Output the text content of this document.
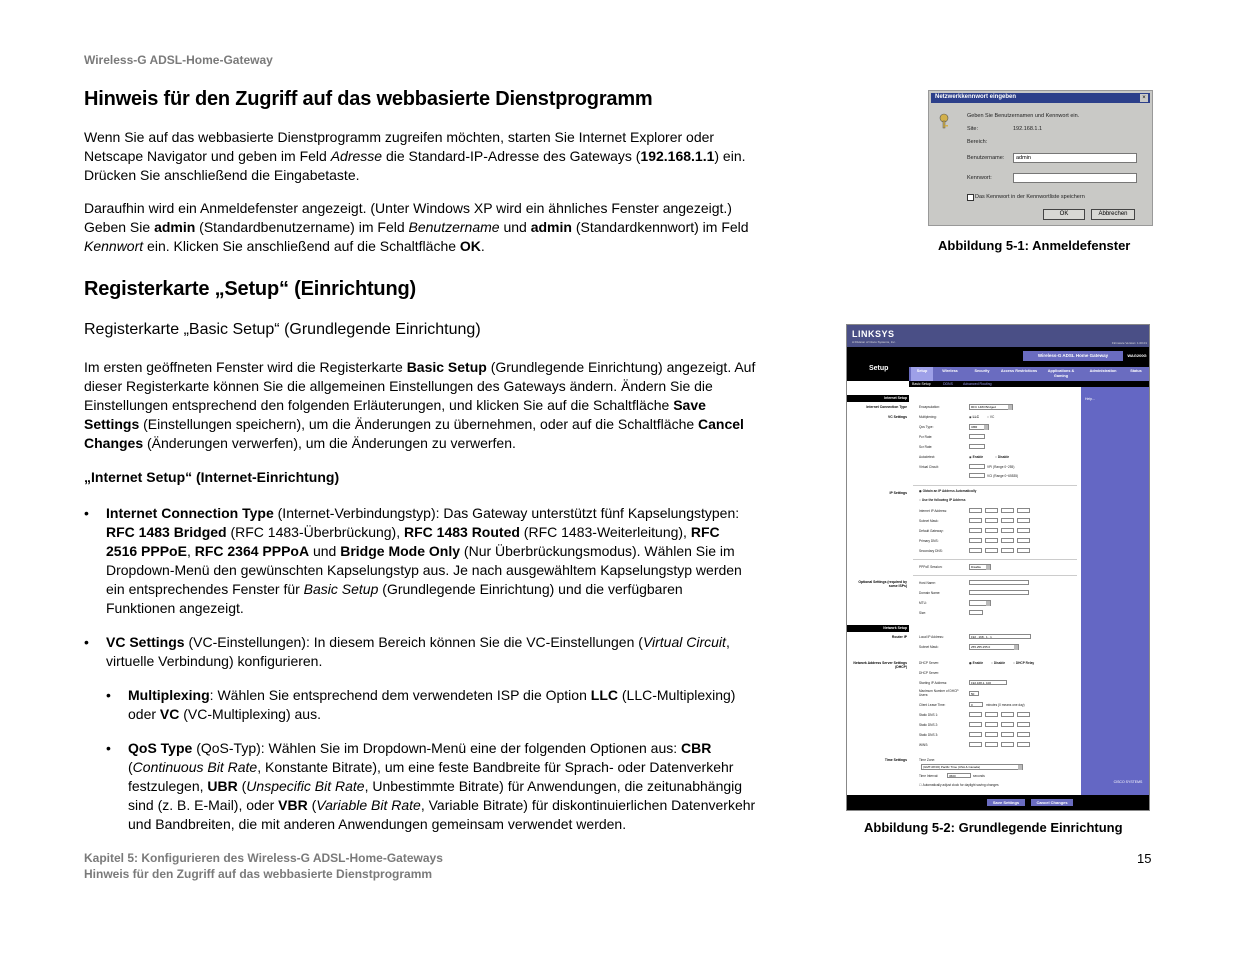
Wireless-G ADSL-Home-Gateway
Hinweis für den Zugriff auf das webbasierte Dienstprogramm
Wenn Sie auf das webbasierte Dienstprogramm zugreifen möchten, starten Sie Internet Explorer oder Netscape Navigator und geben im Feld Adresse die Standard-IP-Adresse des Gateways (192.168.1.1) ein. Drücken Sie anschließend die Eingabetaste.
Daraufhin wird ein Anmeldefenster angezeigt. (Unter Windows XP wird ein ähnliches Fenster angezeigt.) Geben Sie admin (Standardbenutzername) im Feld Benutzername und admin (Standardkennwort) im Feld Kennwort ein. Klicken Sie anschließend auf die Schaltfläche OK.
Registerkarte „Setup“ (Einrichtung)
Registerkarte „Basic Setup“ (Grundlegende Einrichtung)
Im ersten geöffneten Fenster wird die Registerkarte Basic Setup (Grundlegende Einrichtung) angezeigt. Auf dieser Registerkarte können Sie die allgemeinen Einstellungen des Gateways ändern. Ändern Sie die Einstellungen entsprechend den folgenden Erläuterungen, und klicken Sie auf die Schaltfläche Save Settings (Einstellungen speichern), um die Änderungen zu übernehmen, oder auf die Schaltfläche Cancel Changes (Änderungen verwerfen), um die Änderungen zu verwerfen.
„Internet Setup“ (Internet-Einrichtung)
• Internet Connection Type (Internet-Verbindungstyp): Das Gateway unterstützt fünf Kapselungstypen: RFC 1483 Bridged (RFC 1483-Überbrückung), RFC 1483 Routed (RFC 1483-Weiterleitung), RFC 2516 PPPoE, RFC 2364 PPPoA und Bridge Mode Only (Nur Überbrückungsmodus). Wählen Sie im Dropdown-Menü den gewünschten Kapselungstyp aus. Je nach ausgewähltem Kapselungstyp werden ein entsprechendes Fenster für Basic Setup (Grundlegende Einrichtung) und die verfügbaren Funktionen angezeigt.
• VC Settings (VC-Einstellungen): In diesem Bereich können Sie die VC-Einstellungen (Virtual Circuit, virtuelle Verbindung) konfigurieren.
• Multiplexing: Wählen Sie entsprechend dem verwendeten ISP die Option LLC (LLC-Multiplexing) oder VC (VC-Multiplexing) aus.
• QoS Type (QoS-Typ): Wählen Sie im Dropdown-Menü eine der folgenden Optionen aus: CBR (Continuous Bit Rate, Konstante Bitrate), um eine feste Bandbreite für Sprach- oder Datenverkehr festzulegen, UBR (Unspecific Bit Rate, Unbestimmte Bitrate) für Anwendungen, die zeitunabhängig sind (z. B. E-Mail), oder VBR (Variable Bit Rate, Variable Bitrate) für diskontinuierlichen Datenverkehr und Bandbreiten, die mit anderen Anwendungen gemeinsam verwendet werden.
Netzwerkkennwort eingeben	×
Geben Sie Benutzernamen und Kennwort ein.
Site:	192.168.1.1
Bereich:
Benutzername:	admin
Kennwort:
Das Kennwort in der Kennwortliste speichern
OK	Abbrechen
Abbildung 5-1: Anmeldefenster
LINKSYS
A Division of Cisco Systems, Inc.	Firmware Version: 1.00.01
Setup
Wireless-G ADSL Home Gateway	WAG200G
Setup	Wireless	Security	Access Restrictions	Applications & Gaming
Administration	Status
Basic Setup	DDNS	Advanced Routing
Help...
Internet Setup
Internet Connection Type
VC Settings
IP Settings
Optional Settings (required by some ISPs)
Network Setup
Router IP
Network Address Server Settings (DHCP)
Time Settings
Encapsulation:	RFC 1483 Bridged
Multiplexing:	◉ LLC	○ VC
Qos Type:	UBR
Pcr Rate:
Scr Rate:
Autodetect:	◉ Enable	○ Disable
Virtual Circuit:	VPI (Range 0~255)
VCI (Range 0~65535)
◉ Obtain an IP Address Automatically
○ Use the following IP Address
Internet IP Address:
Subnet Mask:
Default Gateway:
Primary DNS:
Secondary DNS:
PPPoE Session:	Disable
Host Name:
Domain Name:
MTU:
Size:
Local IP Address:	192 . 168 . 1 . 1
Subnet Mask:	255.255.255.0
DHCP Server:	◉ Enable ○ Disable ○ DHCP Relay
DHCP Server:
Starting IP Address:	192.168.1. 100
Maximum Number of DHCP Users:	50
Client Lease Time:	0	minutes (0 means one day)
Static DNS 1:
Static DNS 2:
Static DNS 3:
WINS:
Time Zone:
(GMT-08:00) Pacific Time (USA & Canada)
Time Interval:	3600	seconds
☐ Automatically adjust clock for daylight saving changes
Save Settings	Cancel Changes
CISCO SYSTEMS
Abbildung 5-2: Grundlegende Einrichtung
Kapitel 5: Konfigurieren des Wireless-G ADSL-Home-Gateways
Hinweis für den Zugriff auf das webbasierte Dienstprogramm
15
